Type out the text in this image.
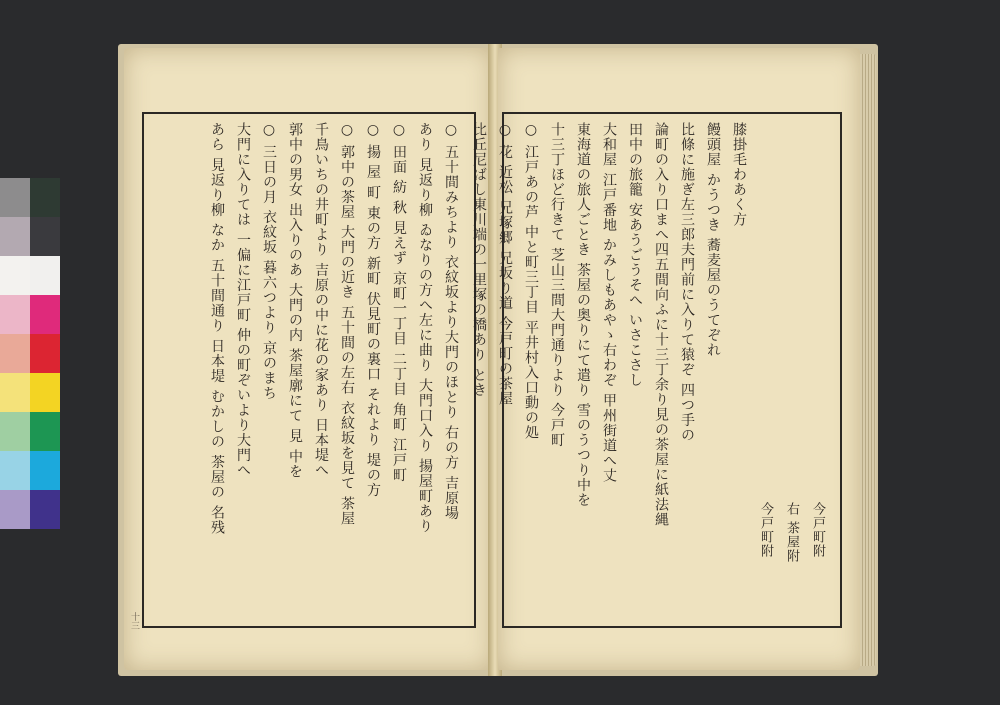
○ 五十間みちより 衣紋坂より大門のほとり 右の方 吉原場
あり 見返り柳 ゐなりの方へ左に曲り 大門口入り 揚屋町あり
○ 田面 紡 秋 見えず 京町一丁目 二丁目 角町 江戸町
○ 揚 屋 町 東の方 新町 伏見町の裏口 それより 堤の方
○ 郭中の茶屋 大門の近き 五十間の左右 衣紋坂を見て 茶屋
千鳥いちの井町より 吉原の中に花の家あり 日本堤へ
郭中の男女 出入りのあ 大門の内 茶屋廓にて 見 中を
○ 三日の月 衣紋坂 暮六つより 京のまち
大門に入りては 一偏に江戸町 仲の町ぞいより大門へ
あら 見返り柳 なか 五十間通り 日本堤 むかしの 茶屋の 名残
十三
今戸町附
右 茶屋附
今戸町附
膝掛毛わあく方
饅頭屋 かうつき 蕎麦屋のうてぞれ
比條に施ぎ左三郎夫門前に入りて猿ぞ 四つ手の
論町の入り口まへ四五間向ふに十三丁余り見の茶屋に紙法縄
田中の旅籠 安あうごうそへ いさこさし
大和屋 江戸番地 かみしもあやゝ右わぞ 甲州街道へ丈
東海道の旅人ごとき 茶屋の奥りにて遣り 雪のうつり中を
十三丁ほど行きて 芝山三間大門通りより 今戸町
○ 江戸あの芦 中と町三丁目 平井村入口動の処
○ 花 近松 兄塚郷 兄坂り道 今戸町の茶屋
比丘尼ばし東川端の一里塚の橋あり とき
